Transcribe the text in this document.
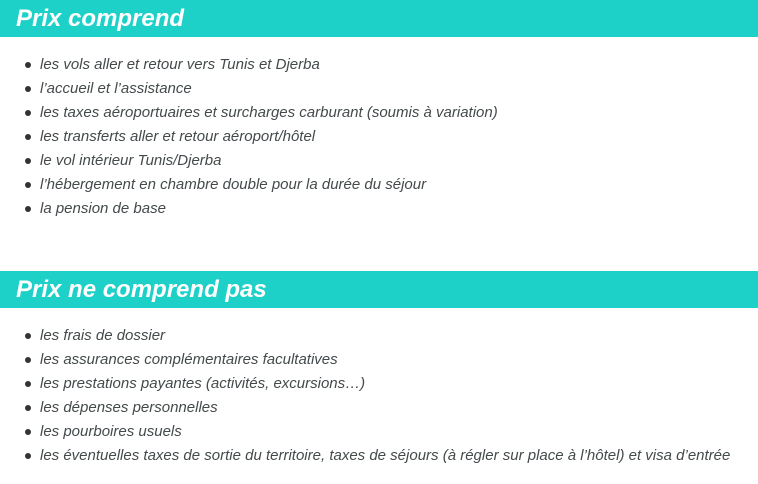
Prix comprend
les vols aller et retour vers Tunis et Djerba
l’accueil et l’assistance
les taxes aéroportuaires et surcharges carburant (soumis à variation)
les transferts aller et retour aéroport/hôtel
le vol intérieur Tunis/Djerba
l’hébergement en chambre double pour la durée du séjour
la pension de base
Prix ne comprend pas
les frais de dossier
les assurances complémentaires facultatives
les prestations payantes (activités, excursions…)
les dépenses personnelles
les pourboires usuels
les éventuelles taxes de sortie du territoire, taxes de séjours (à régler sur place à l’hôtel) et visa d’entrée
